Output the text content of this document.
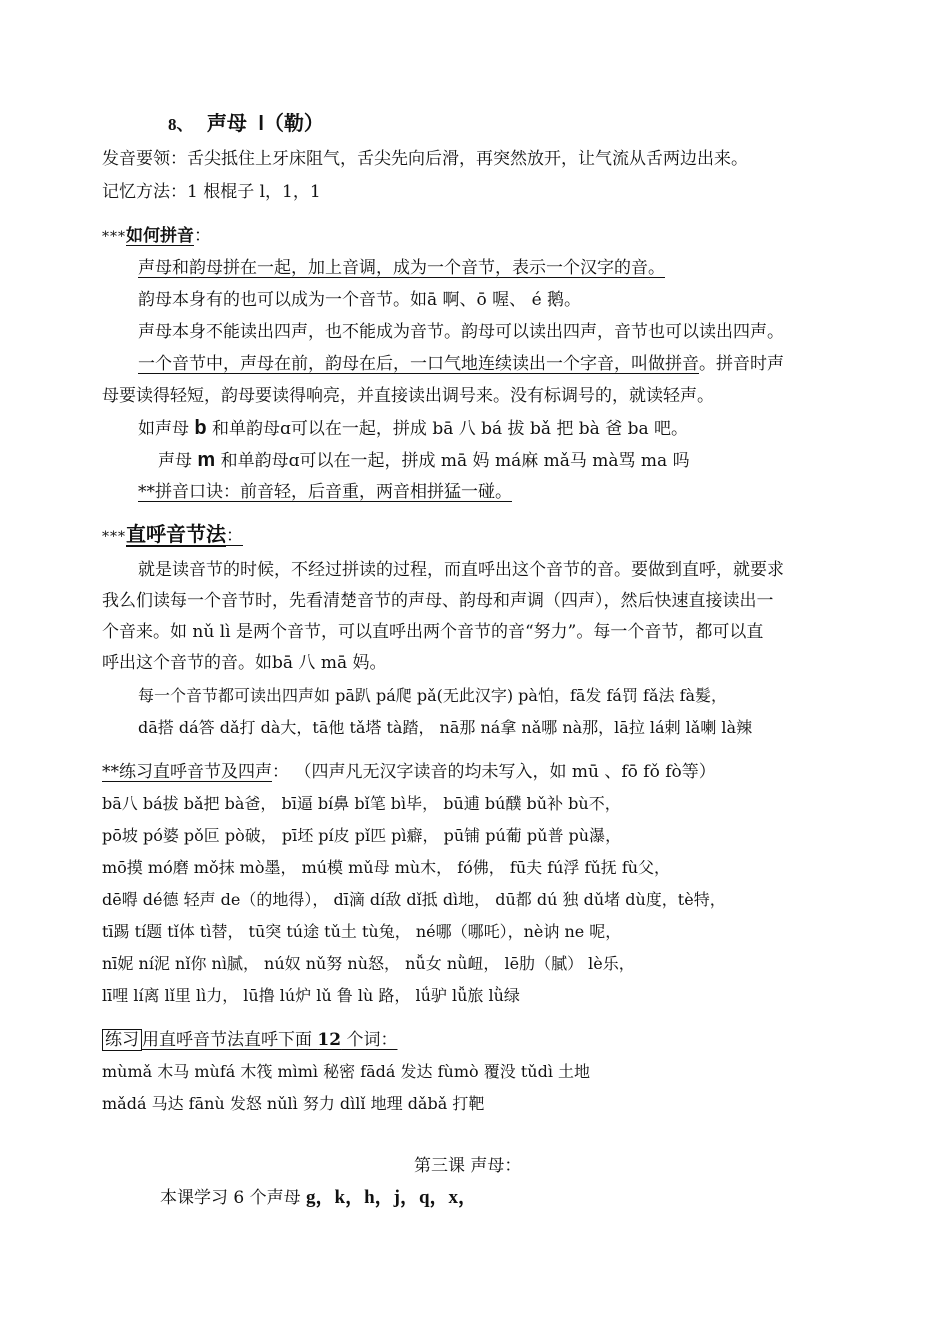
8、 声母 l（勒）
发音要领：舌尖抵住上牙床阻气，舌尖先向后滑，再突然放开，让气流从舌两边出来。
记忆方法：1 根棍子 l，1，1
***如何拼音：
声母和韵母拼在一起，加上音调，成为一个音节，表示一个汉字的音。
韵母本身有的也可以成为一个音节。如ā 啊、ō 喔、 é 鹅。
声母本身不能读出四声，也不能成为音节。韵母可以读出四声，音节也可以读出四声。
一个音节中，声母在前，韵母在后，一口气地连续读出一个字音，叫做拼音。拼音时声
母要读得轻短，韵母要读得响亮，并直接读出调号来。没有标调号的，就读轻声。
如声母 b 和单韵母ɑ可以在一起，拼成 bā 八 bá 拔 bǎ 把 bà 爸 ba 吧。
声母 m 和单韵母ɑ可以在一起，拼成 mā 妈 má麻 mǎ马 mà骂 ma 吗
**拼音口诀：前音轻，后音重，两音相拼猛一碰。
***直呼音节法：
就是读音节的时候，不经过拼读的过程，而直呼出这个音节的音。要做到直呼，就要求
我么们读每一个音节时，先看清楚音节的声母、韵母和声调（四声），然后快速直接读出一
个音来。如 nǔ lì 是两个音节，可以直呼出两个音节的音“努力”。每一个音节，都可以直
呼出这个音节的音。如bā 八 mā 妈。
每一个音节都可读出四声如 pā趴 pá爬 pǎ(无此汉字) pà怕，fā发 fá罚 fǎ法 fà髮，
dā搭 dá答 dǎ打 dà大，tā他 tǎ塔 tà踏， nā那 ná拿 nǎ哪 nà那，lā拉 lá剌 lǎ喇 là辣
**练习直呼音节及四声： （四声凡无汉字读音的均未写入，如 mū 、fō fǒ fò等）
bā八 bá拔 bǎ把 bà爸， bī逼 bí鼻 bǐ笔 bì毕， bū逋 bú醭 bǔ补 bù不，
pō坡 pó婆 pǒ叵 pò破， pī坯 pí皮 pǐ匹 pì癖， pū铺 pú葡 pǔ普 pù瀑，
mō摸 mó磨 mǒ抹 mò墨， mú模 mǔ母 mù木， fó佛， fū夫 fú浮 fǔ抚 fù父，
dē嘚 dé德 轻声 de（的地得）， dī滴 dí敌 dǐ抵 dì地， dū都 dú 独 dǔ堵 dù度，tè特，
tī踢 tí题 tǐ体 tì替， tū突 tú途 tǔ土 tù兔， né哪（哪吒），nè讷 ne 呢，
nī妮 ní泥 nǐ你 nì腻， nú奴 nǔ努 nù怒， nǚ女 nǜ衄， lē肋（膩） lè乐，
lī哩 lí离 lǐ里 lì力， lū撸 lú炉 lǔ 鲁 lù 路， lǘ驴 lǚ旅 lǜ绿
练习 用直呼音节法直呼下面 12 个词：
mùmǎ 木马 mùfá 木筏 mìmì 秘密 fādá 发达 fùmò 覆没 tǔdì 土地
mǎdá 马达 fānù 发怒 nǔlì 努力 dìlǐ 地理 dǎbǎ 打靶
第三课 声母：
本课学习 6 个声母 g，k，h，j，q，x，
